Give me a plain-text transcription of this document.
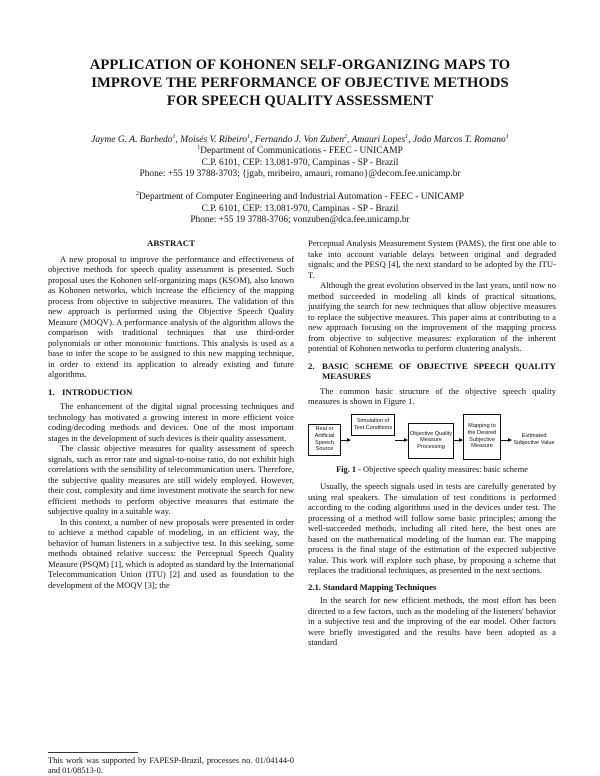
APPLICATION OF KOHONEN SELF-ORGANIZING MAPS TO
IMPROVE THE PERFORMANCE OF OBJECTIVE METHODS
FOR SPEECH QUALITY ASSESSMENT
Jayme G. A. Barbedo$^1$, Moisés V. Ribeiro$^1$, Fernando J. Von Zuben$^2$, Amauri Lopes$^1$, João Marcos T. Romano$^1$
$^1$Department of Communications - FEEC - UNICAMP
C.P. 6101, CEP: 13.081-970, Campinas - SP - Brazil
Phone: +55 19 3788-3703; {jgab, mribeiro, amauri, romano}@decom.fee.unicamp.br
$^2$Department of Computer Engineering and Industrial Automation - FEEC - UNICAMP
C.P. 6101, CEP: 13.081-970, Campinas - SP - Brazil
Phone: +55 19 3788-3706; vonzuben@dca.fee.unicamp.br
ABSTRACT

A new proposal to improve the performance and effectiveness of objective methods for speech quality assessment is presented. Such proposal uses the Kohonen self-organizing maps (KSOM), also known as Kohonen networks, which increase the efficiency of the mapping process from objective to subjective measures. The validation of this new approach is performed using the Objective Speech Quality Measure (MOQV). A performance analysis of the algorithm allows the comparison with traditional techniques that use third-order polynomials or other monotonic functions. This analysis is used as a base to infer the scope to be assigned to this new mapping technique, in order to extend its application to already existing and future algorithms.

1. INTRODUCTION

The enhancement of the digital signal processing techniques and technology has motivated a growing interest in more efficient voice coding/decoding methods and devices. One of the most important stages in the development of such devices is their quality assessment.

The classic objective measures for quality assessment of speech signals, such as error rate and signal-to-noise ratio, do not exhibit high correlations with the sensibility of telecommunication users. Therefore, the subjective quality measures are still widely employed. However, their cost, complexity and time investment motivate the search for new efficient methods to perform objective measures that estimate the subjective quality in a suitable way.

In this context, a number of new proposals were presented in order to achieve a method capable of modeling, in an efficient way, the behavior of human listeners in a subjective test. In this seeking, some methods obtained relative success: the Perceptual Speech Quality Measure (PSQM) [1], which is adopted as standard by the International Telecommunication Union (ITU) [2] and used as foundation to the development of the MOQV [3]; the

Perceptual Analysis Measurement System (PAMS), the first one able to take into account variable delays between original and degraded signals; and the PESQ [4], the next standard to be adopted by the ITU-T.

Although the great evolution observed in the last years, until now no method succeeded in modeling all kinds of practical situations, justifying the search for new techniques that allow objective measures to replace the subjective measures. This paper aims at contributing to a new approach focusing on the improvement of the mapping process from objective to subjective measures: exploration of the inherent potential of Kohonen networks to perform clustering analysis.

2. BASIC SCHEME OF OBJECTIVE SPEECH QUALITY MEASURES

The common basic structure of the objective speech quality measures is shown in Figure 1.

Real or Artificial Speech Source
Simulation of Test Conditions
Objective Quality Measure Processing
Mapping to the Desired Subjective Measure
Estimated Subjective Value
Fig. 1 - Objective speech quality measures: basic scheme

Usually, the speech signals used in tests are carefully generated by using real speakers. The simulation of test conditions is performed according to the coding algorithms used in the devices under test. The processing of a method will follow some basic principles; among the well-succeeded methods, including all cited here, the best ones are based on the mathematical modeling of the human ear. The mapping process is the final stage of the estimation of the expected subjective value. This work will explore such phase, by proposing a scheme that replaces the traditional techniques, as presented in the next sections.

2.1. Standard Mapping Techniques

In the search for new efficient methods, the most effort has been directed to a few factors, such as the modeling of the listeners' behavior in a subjective test and the improving of the ear model. Other factors were briefly investigated and the results have been adopted as a standard

This work was supported by FAPESP-Brazil, processes no. 01/04144-0 and 01/08513-0.
